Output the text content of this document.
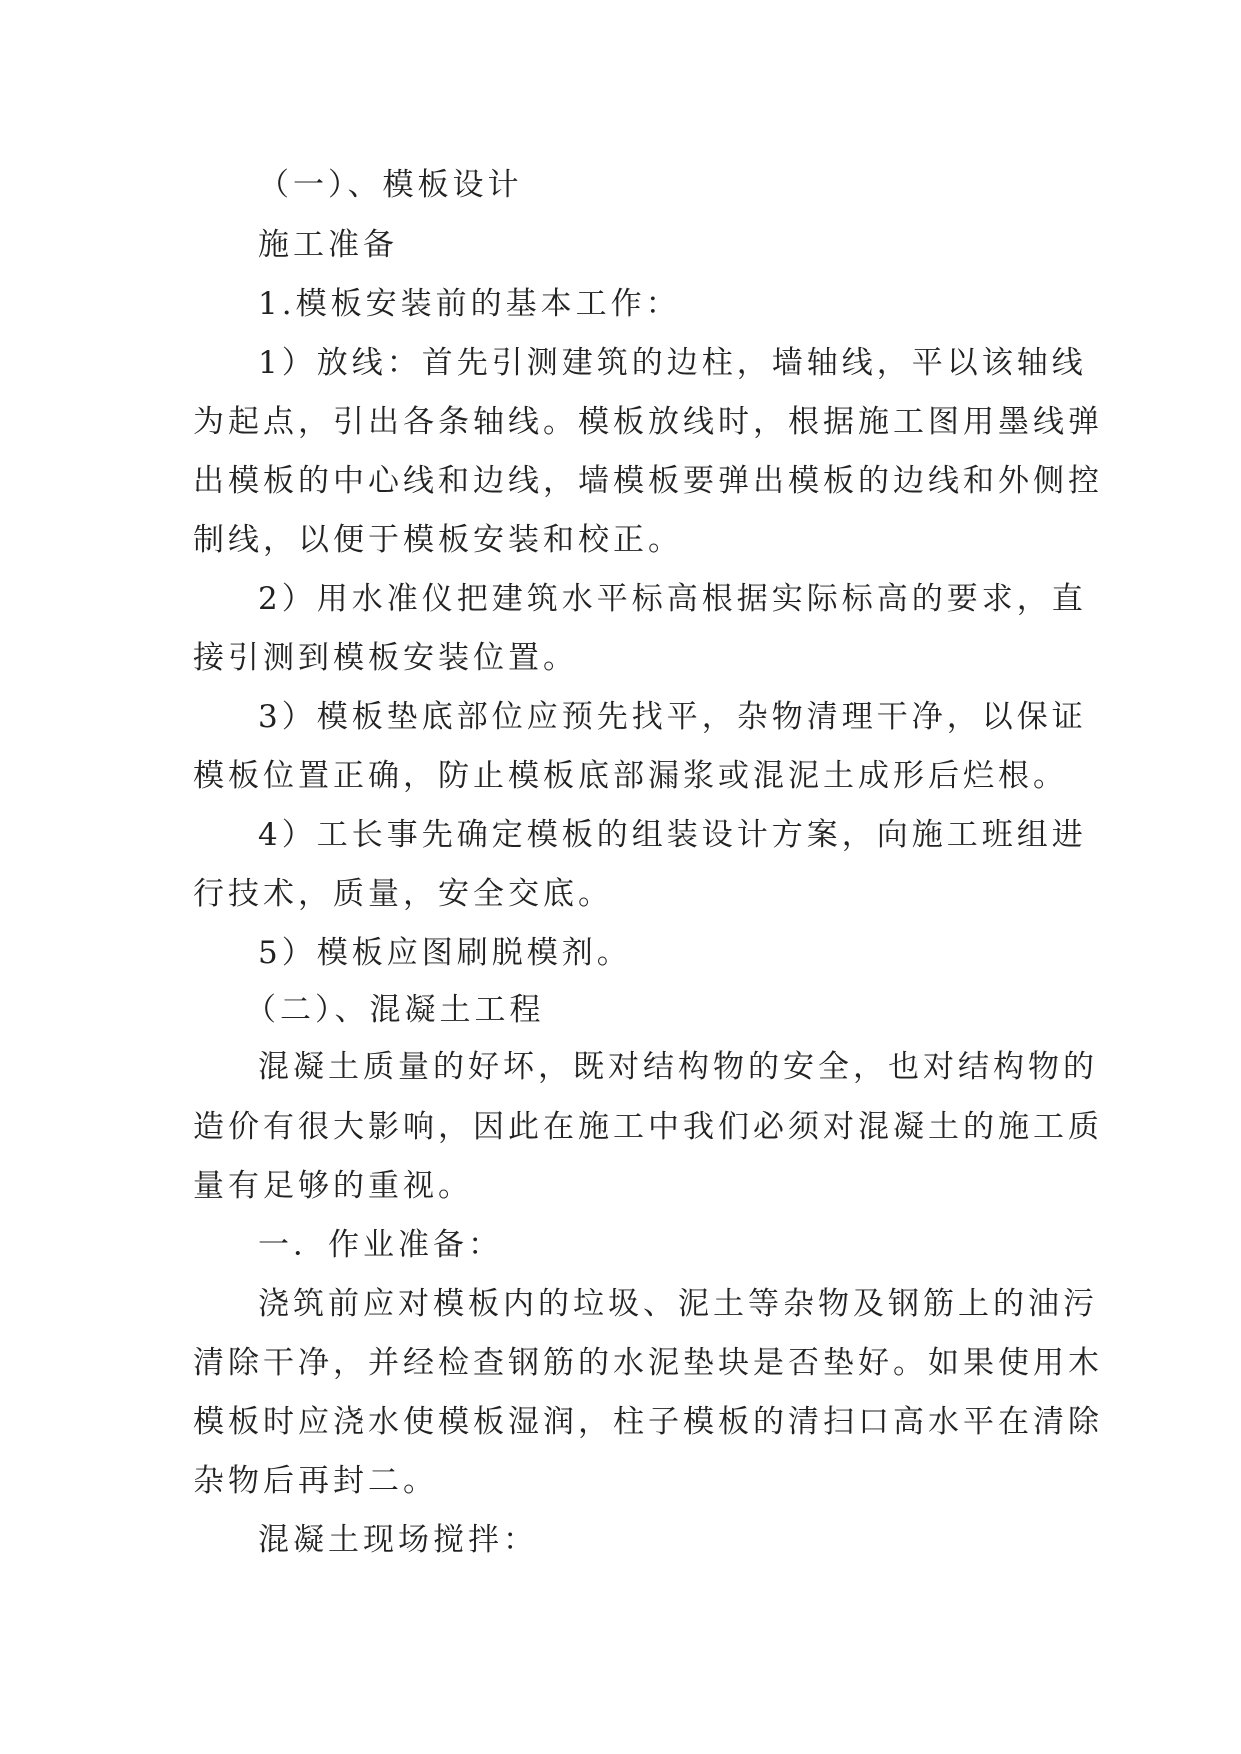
（一）、模板设计
施工准备
1.模板安装前的基本工作：
1）放线：首先引测建筑的边柱，墙轴线，平以该轴线
为起点，引出各条轴线。模板放线时，根据施工图用墨线弹
出模板的中心线和边线，墙模板要弹出模板的边线和外侧控
制线，以便于模板安装和校正。
2）用水准仪把建筑水平标高根据实际标高的要求，直
接引测到模板安装位置。
3）模板垫底部位应预先找平，杂物清理干净，以保证
模板位置正确，防止模板底部漏浆或混泥土成形后烂根。
4）工长事先确定模板的组装设计方案，向施工班组进
行技术，质量，安全交底。
5）模板应图刷脱模剂。
（二）、混凝土工程
混凝土质量的好坏，既对结构物的安全，也对结构物的
造价有很大影响，因此在施工中我们必须对混凝土的施工质
量有足够的重视。
一．作业准备：
浇筑前应对模板内的垃圾、泥土等杂物及钢筋上的油污
清除干净，并经检查钢筋的水泥垫块是否垫好。如果使用木
模板时应浇水使模板湿润，柱子模板的清扫口高水平在清除
杂物后再封二。
混凝土现场搅拌：
